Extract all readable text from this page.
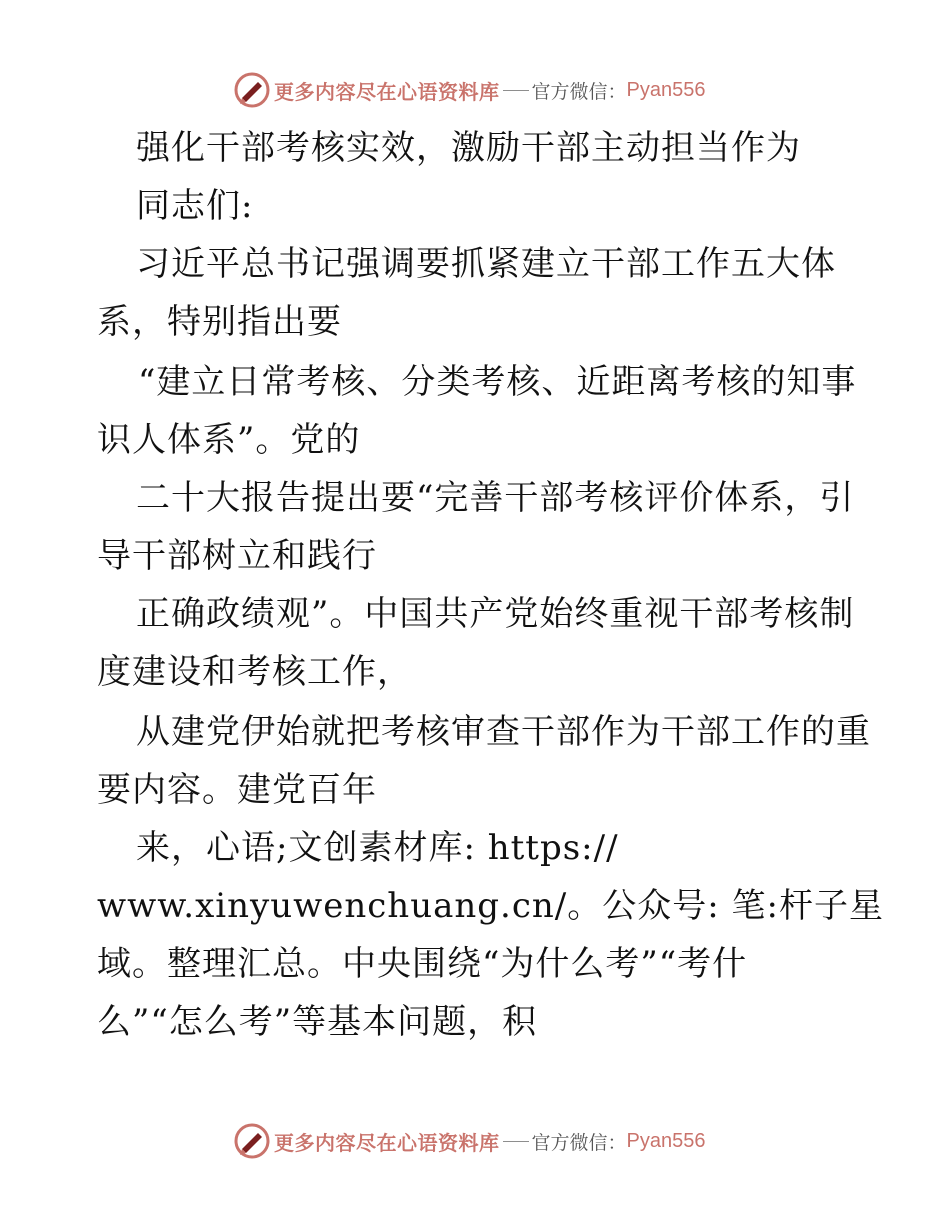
更多内容尽在心语资料库 官方微信： Pyan556
强化干部考核实效，激励干部主动担当作为
同志们:
习近平总书记强调要抓紧建立干部工作五大体
系，特别指出要
“建立日常考核、分类考核、近距离考核的知事
识人体系”。党的
二十大报告提出要“完善干部考核评价体系，引
导干部树立和践行
正确政绩观”。中国共产党始终重视干部考核制
度建设和考核工作，
从建党伊始就把考核审查干部作为干部工作的重
要内容。建党百年
来，心语;文创素材库: https://
www.xinyuwenchuang.cn/。公众号: 笔:杆子星
域。整理汇总。中央围绕“为什么考”“考什
么”“怎么考”等基本问题，积
更多内容尽在心语资料库 官方微信： Pyan556
